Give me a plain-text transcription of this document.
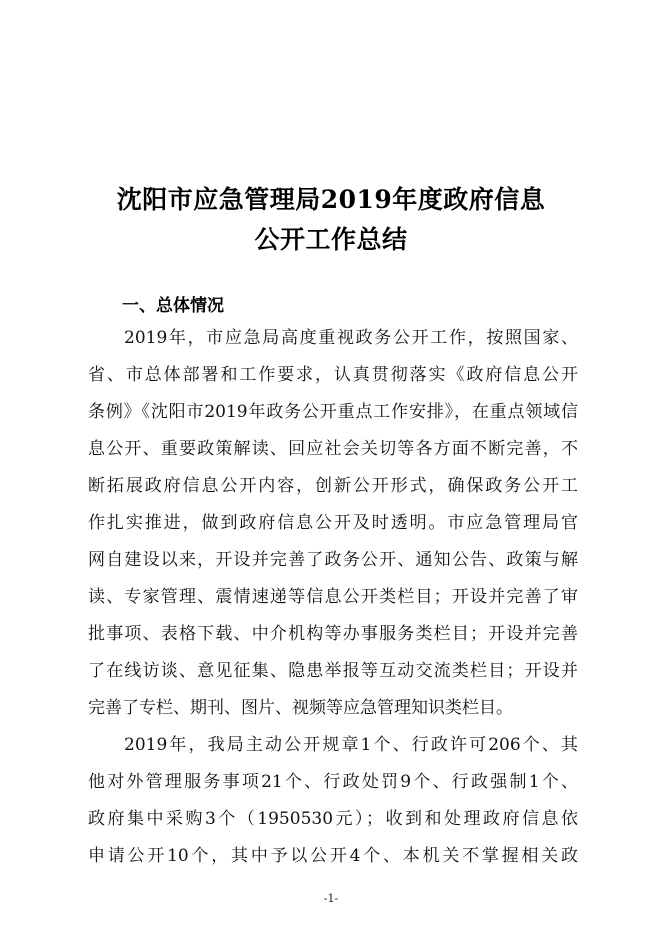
沈阳市应急管理局2019年度政府信息
公开工作总结
一、总体情况
2019年，市应急局高度重视政务公开工作，按照国家、
省、市总体部署和工作要求，认真贯彻落实《政府信息公开
条例》《沈阳市2019年政务公开重点工作安排》，在重点领域信
息公开、重要政策解读、回应社会关切等各方面不断完善，不
断拓展政府信息公开内容，创新公开形式，确保政务公开工
作扎实推进，做到政府信息公开及时透明。市应急管理局官
网自建设以来，开设并完善了政务公开、通知公告、政策与解
读、专家管理、震情速递等信息公开类栏目；开设并完善了审
批事项、表格下载、中介机构等办事服务类栏目；开设并完善
了在线访谈、意见征集、隐患举报等互动交流类栏目；开设并
完善了专栏、期刊、图片、视频等应急管理知识类栏目。
2019年，我局主动公开规章1个、行政许可206个、其
他对外管理服务事项21个、行政处罚9个、行政强制1个、
政府集中采购3个（1950530元）；收到和处理政府信息依
申请公开10个，其中予以公开4个、本机关不掌握相关政
-1-
